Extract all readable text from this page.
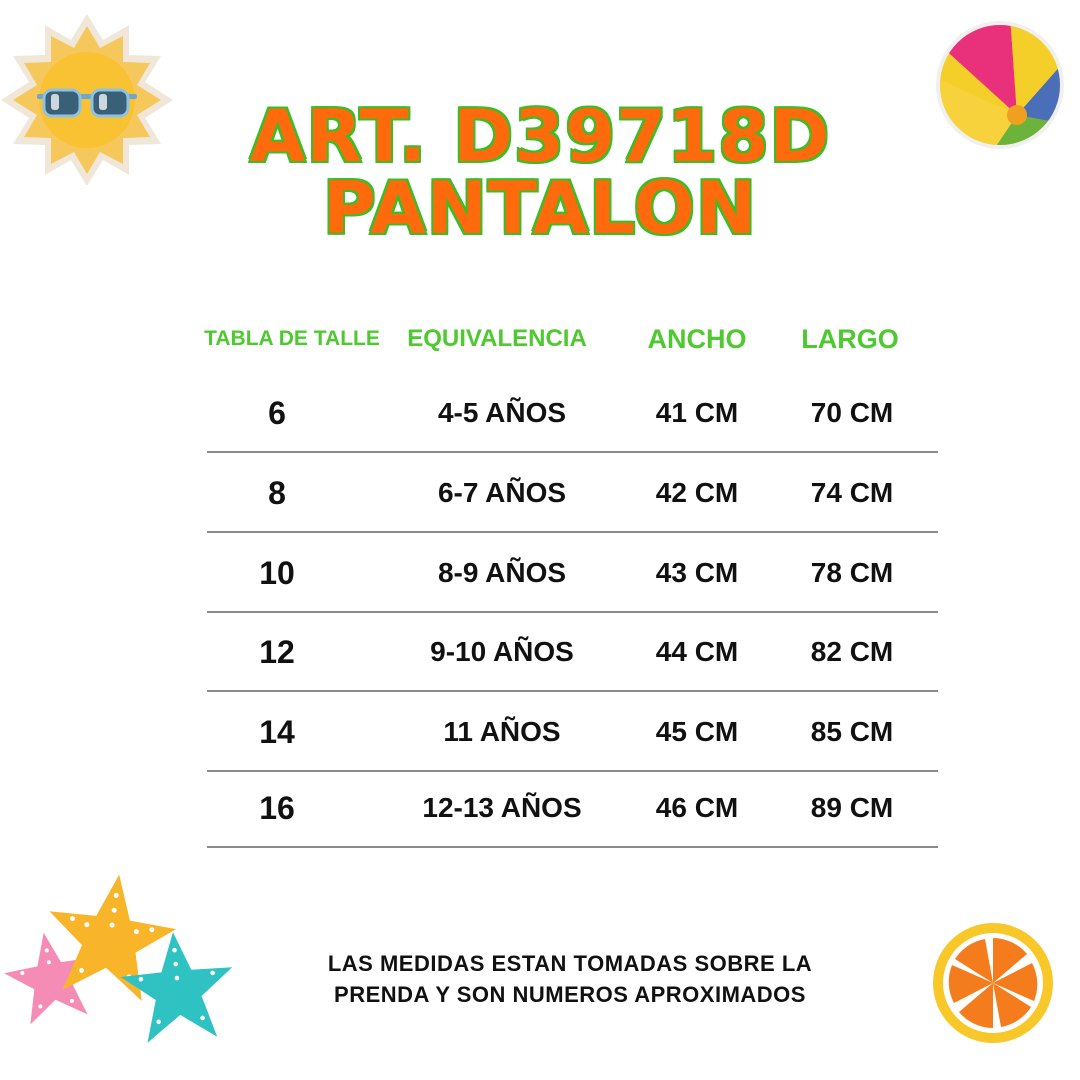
ART. D39718D
PANTALON
TABLA DE TALLE	EQUIVALENCIA	ANCHO	LARGO
6	4-5 AÑOS	41 CM	70 CM
8	6-7 AÑOS	42 CM	74 CM
10	8-9 AÑOS	43 CM	78 CM
12	9-10 AÑOS	44 CM	82 CM
14	11 AÑOS	45 CM	85 CM
16	12-13 AÑOS	46 CM	89 CM
LAS MEDIDAS ESTAN TOMADAS SOBRE LA
PRENDA Y SON NUMEROS APROXIMADOS
